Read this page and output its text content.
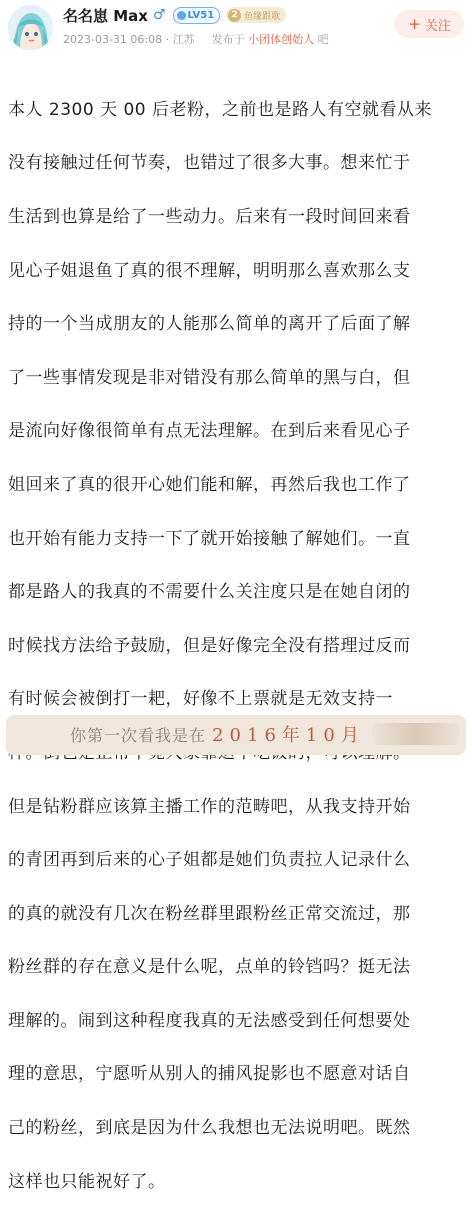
名名崽 Max ♂ LV51	2 鱼缘跟歌
2023-03-31 06:08 · 江苏 发布于 小团体创始人 吧
+ 关注

本人 2300 天 00 后老粉，之前也是路人有空就看从来

没有接触过任何节奏，也错过了很多大事。想来忙于

生活到也算是给了一些动力。后来有一段时间回来看

见心子姐退鱼了真的很不理解，明明那么喜欢那么支

持的一个当成朋友的人能那么简单的离开了后面了解

了一些事情发现是非对错没有那么简单的黑与白，但

是流向好像很简单有点无法理解。在到后来看见心子

姐回来了真的很开心她们能和解，再然后我也工作了

也开始有能力支持一下了就开始接触了解她们。一直

都是路人的我真的不需要什么关注度只是在她自闭的

时候找方法给予鼓励，但是好像完全没有搭理过反而

有时候会被倒打一耙，好像不上票就是无效支持一

但是钻粉群应该算主播工作的范畴吧，从我支持开始

的青团再到后来的心子姐都是她们负责拉人记录什么

的真的就没有几次在粉丝群里跟粉丝正常交流过，那

粉丝群的存在意义是什么呢，点单的铃铛吗？挺无法

理解的。闹到这种程度我真的无法感受到任何想要处

理的意思，宁愿听从别人的捕风捉影也不愿意对话自

己的粉丝，到底是因为什么我想也无法说明吧。既然

这样也只能祝好了。

你第一次看我是在 2016年10月
